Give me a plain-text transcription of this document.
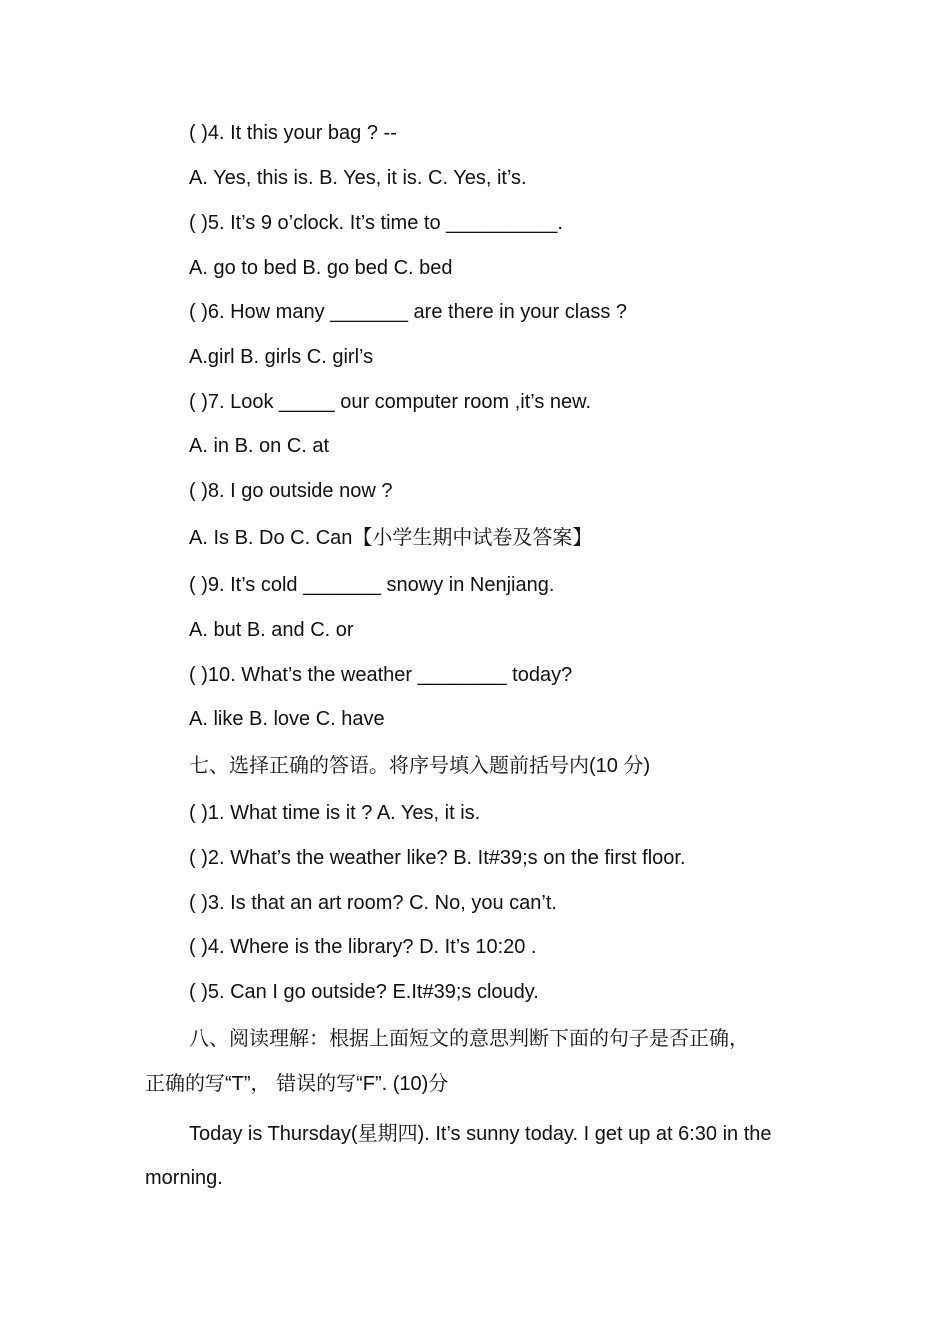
( )4. It this your bag ? --
A. Yes, this is. B. Yes, it is. C. Yes, it’s.
( )5. It’s 9 o’clock. It’s time to __________.
A. go to bed B. go bed C. bed
( )6. How many _______ are there in your class ?
A.girl B. girls C. girl’s
( )7. Look _____ our computer room ,it’s new.
A. in B. on C. at
( )8. I go outside now ?
A. Is B. Do C. Can【小学生期中试卷及答案】
( )9. It’s cold _______ snowy in Nenjiang.
A. but B. and C. or
( )10. What’s the weather ________ today?
A. like B. love C. have
七、选择正确的答语。将序号填入题前括号内(10 分)
( )1. What time is it ? A. Yes, it is.
( )2. What’s the weather like? B. It#39;s on the first floor.
( )3. Is that an art room? C. No, you can’t.
( )4. Where is the library? D. It’s 10:20 .
( )5. Can I go outside? E.It#39;s cloudy.
八、阅读理解：根据上面短文的意思判断下面的句子是否正确，
正确的写“T”， 错误的写“F”. (10)分
Today is Thursday(星期四). It’s sunny today. I get up at 6:30 in the
morning.
